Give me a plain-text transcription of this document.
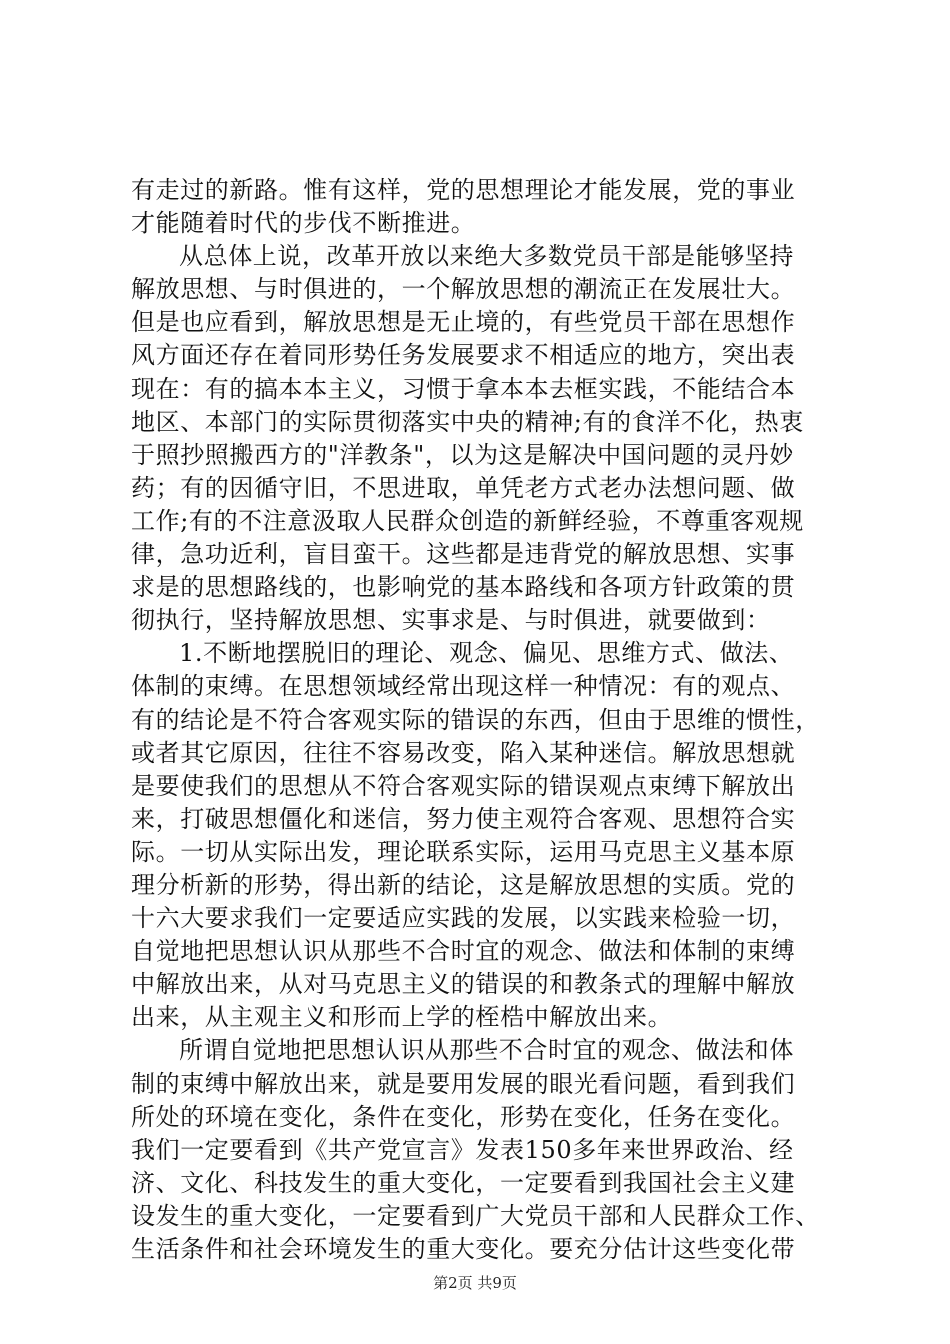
有走过的新路。惟有这样，党的思想理论才能发展，党的事业
才能随着时代的步伐不断推进。
从总体上说，改革开放以来绝大多数党员干部是能够坚持
解放思想、与时俱进的，一个解放思想的潮流正在发展壮大。
但是也应看到，解放思想是无止境的，有些党员干部在思想作
风方面还存在着同形势任务发展要求不相适应的地方，突出表
现在：有的搞本本主义，习惯于拿本本去框实践，不能结合本
地区、本部门的实际贯彻落实中央的精神;有的食洋不化，热衷
于照抄照搬西方的"洋教条"，以为这是解决中国问题的灵丹妙
药；有的因循守旧，不思进取，单凭老方式老办法想问题、做
工作;有的不注意汲取人民群众创造的新鲜经验，不尊重客观规
律，急功近利，盲目蛮干。这些都是违背党的解放思想、实事
求是的思想路线的，也影响党的基本路线和各项方针政策的贯
彻执行，坚持解放思想、实事求是、与时俱进，就要做到：
1.不断地摆脱旧的理论、观念、偏见、思维方式、做法、
体制的束缚。在思想领域经常出现这样一种情况：有的观点、
有的结论是不符合客观实际的错误的东西，但由于思维的惯性，
或者其它原因，往往不容易改变，陷入某种迷信。解放思想就
是要使我们的思想从不符合客观实际的错误观点束缚下解放出
来，打破思想僵化和迷信，努力使主观符合客观、思想符合实
际。一切从实际出发，理论联系实际，运用马克思主义基本原
理分析新的形势，得出新的结论，这是解放思想的实质。党的
十六大要求我们一定要适应实践的发展，以实践来检验一切，
自觉地把思想认识从那些不合时宜的观念、做法和体制的束缚
中解放出来，从对马克思主义的错误的和教条式的理解中解放
出来，从主观主义和形而上学的桎梏中解放出来。
所谓自觉地把思想认识从那些不合时宜的观念、做法和体
制的束缚中解放出来，就是要用发展的眼光看问题，看到我们
所处的环境在变化，条件在变化，形势在变化，任务在变化。
我们一定要看到《共产党宣言》发表150多年来世界政治、经
济、文化、科技发生的重大变化，一定要看到我国社会主义建
设发生的重大变化，一定要看到广大党员干部和人民群众工作、
生活条件和社会环境发生的重大变化。要充分估计这些变化带
第2页 共9页
